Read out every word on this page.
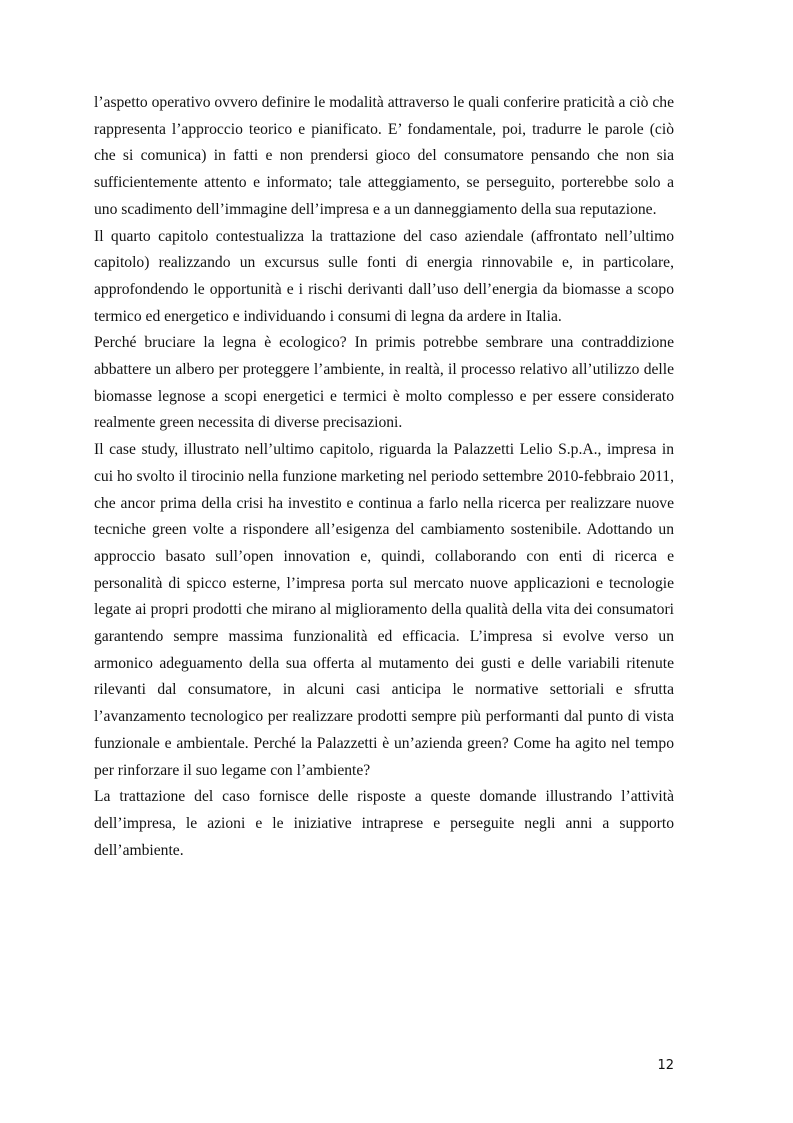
l’aspetto operativo ovvero definire le modalità attraverso le quali conferire praticità a ciò che rappresenta l’approccio teorico e pianificato. E’ fondamentale, poi, tradurre le parole (ciò che si comunica) in fatti e non prendersi gioco del consumatore pensando che non sia sufficientemente attento e informato; tale atteggiamento, se perseguito, porterebbe solo a uno scadimento dell’immagine dell’impresa e a un danneggiamento della sua reputazione.

Il quarto capitolo contestualizza la trattazione del caso aziendale (affrontato nell’ultimo capitolo) realizzando un excursus sulle fonti di energia rinnovabile e, in particolare, approfondendo le opportunità e i rischi derivanti dall’uso dell’energia da biomasse a scopo termico ed energetico e individuando i consumi di legna da ardere in Italia.

Perché bruciare la legna è ecologico? In primis potrebbe sembrare una contraddizione abbattere un albero per proteggere l’ambiente, in realtà, il processo relativo all’utilizzo delle biomasse legnose a scopi energetici e termici è molto complesso e per essere considerato realmente green necessita di diverse precisazioni.

Il case study, illustrato nell’ultimo capitolo, riguarda la Palazzetti Lelio S.p.A., impresa in cui ho svolto il tirocinio nella funzione marketing nel periodo settembre 2010-febbraio 2011, che ancor prima della crisi ha investito e continua a farlo nella ricerca per realizzare nuove tecniche green volte a rispondere all’esigenza del cambiamento sostenibile. Adottando un approccio basato sull’open innovation e, quindi, collaborando con enti di ricerca e personalità di spicco esterne, l’impresa porta sul mercato nuove applicazioni e tecnologie legate ai propri prodotti che mirano al miglioramento della qualità della vita dei consumatori garantendo sempre massima funzionalità ed efficacia. L’impresa si evolve verso un armonico adeguamento della sua offerta al mutamento dei gusti e delle variabili ritenute rilevanti dal consumatore, in alcuni casi anticipa le normative settoriali e sfrutta l’avanzamento tecnologico per realizzare prodotti sempre più performanti dal punto di vista funzionale e ambientale. Perché la Palazzetti è un’azienda green? Come ha agito nel tempo per rinforzare il suo legame con l’ambiente?

La trattazione del caso fornisce delle risposte a queste domande illustrando l’attività dell’impresa, le azioni e le iniziative intraprese e perseguite negli anni a supporto dell’ambiente.

12
